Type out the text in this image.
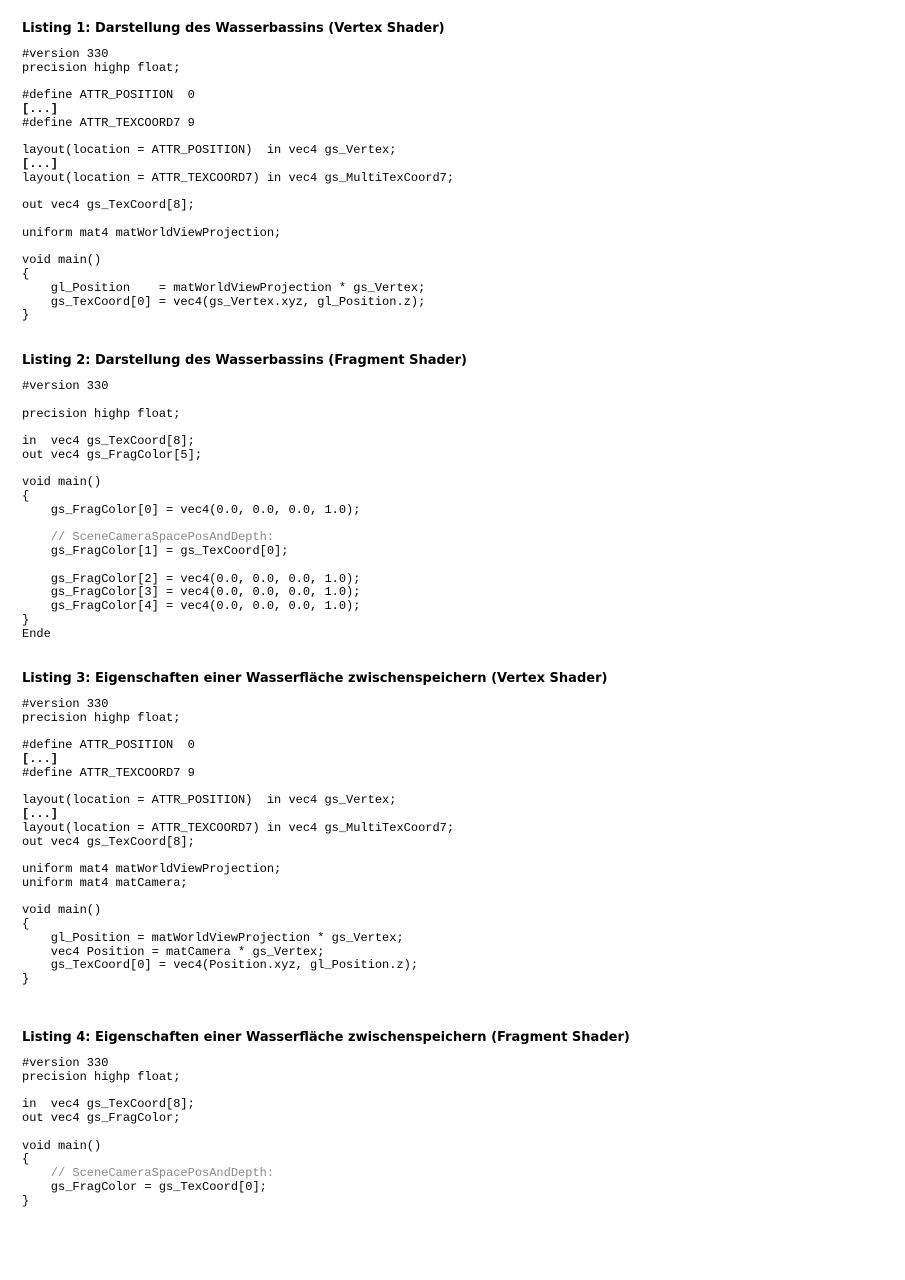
Listing 1: Darstellung des Wasserbassins (Vertex Shader)
#version 330
precision highp float;
#define ATTR_POSITION  0
[...]
#define ATTR_TEXCOORD7 9
layout(location = ATTR_POSITION)  in vec4 gs_Vertex;
[...]
layout(location = ATTR_TEXCOORD7) in vec4 gs_MultiTexCoord7;
out vec4 gs_TexCoord[8];
uniform mat4 matWorldViewProjection;
void main()
{
gl_Position    = matWorldViewProjection * gs_Vertex;
gs_TexCoord[0] = vec4(gs_Vertex.xyz, gl_Position.z);
}
Listing 2: Darstellung des Wasserbassins (Fragment Shader)
#version 330
precision highp float;
in  vec4 gs_TexCoord[8];
out vec4 gs_FragColor[5];
void main()
{
gs_FragColor[0] = vec4(0.0, 0.0, 0.0, 1.0);
// SceneCameraSpacePosAndDepth:
gs_FragColor[1] = gs_TexCoord[0];
gs_FragColor[2] = vec4(0.0, 0.0, 0.0, 1.0);
gs_FragColor[3] = vec4(0.0, 0.0, 0.0, 1.0);
gs_FragColor[4] = vec4(0.0, 0.0, 0.0, 1.0);
}
Ende
Listing 3: Eigenschaften einer Wasserfläche zwischenspeichern (Vertex Shader)
#version 330
precision highp float;
#define ATTR_POSITION  0
[...]
#define ATTR_TEXCOORD7 9
layout(location = ATTR_POSITION)  in vec4 gs_Vertex;
[...]
layout(location = ATTR_TEXCOORD7) in vec4 gs_MultiTexCoord7;
out vec4 gs_TexCoord[8];
uniform mat4 matWorldViewProjection;
uniform mat4 matCamera;
void main()
{
gl_Position = matWorldViewProjection * gs_Vertex;
vec4 Position = matCamera * gs_Vertex;
gs_TexCoord[0] = vec4(Position.xyz, gl_Position.z);
}
Listing 4: Eigenschaften einer Wasserfläche zwischenspeichern (Fragment Shader)
#version 330
precision highp float;
in  vec4 gs_TexCoord[8];
out vec4 gs_FragColor;
void main()
{
// SceneCameraSpacePosAndDepth:
gs_FragColor = gs_TexCoord[0];
}
